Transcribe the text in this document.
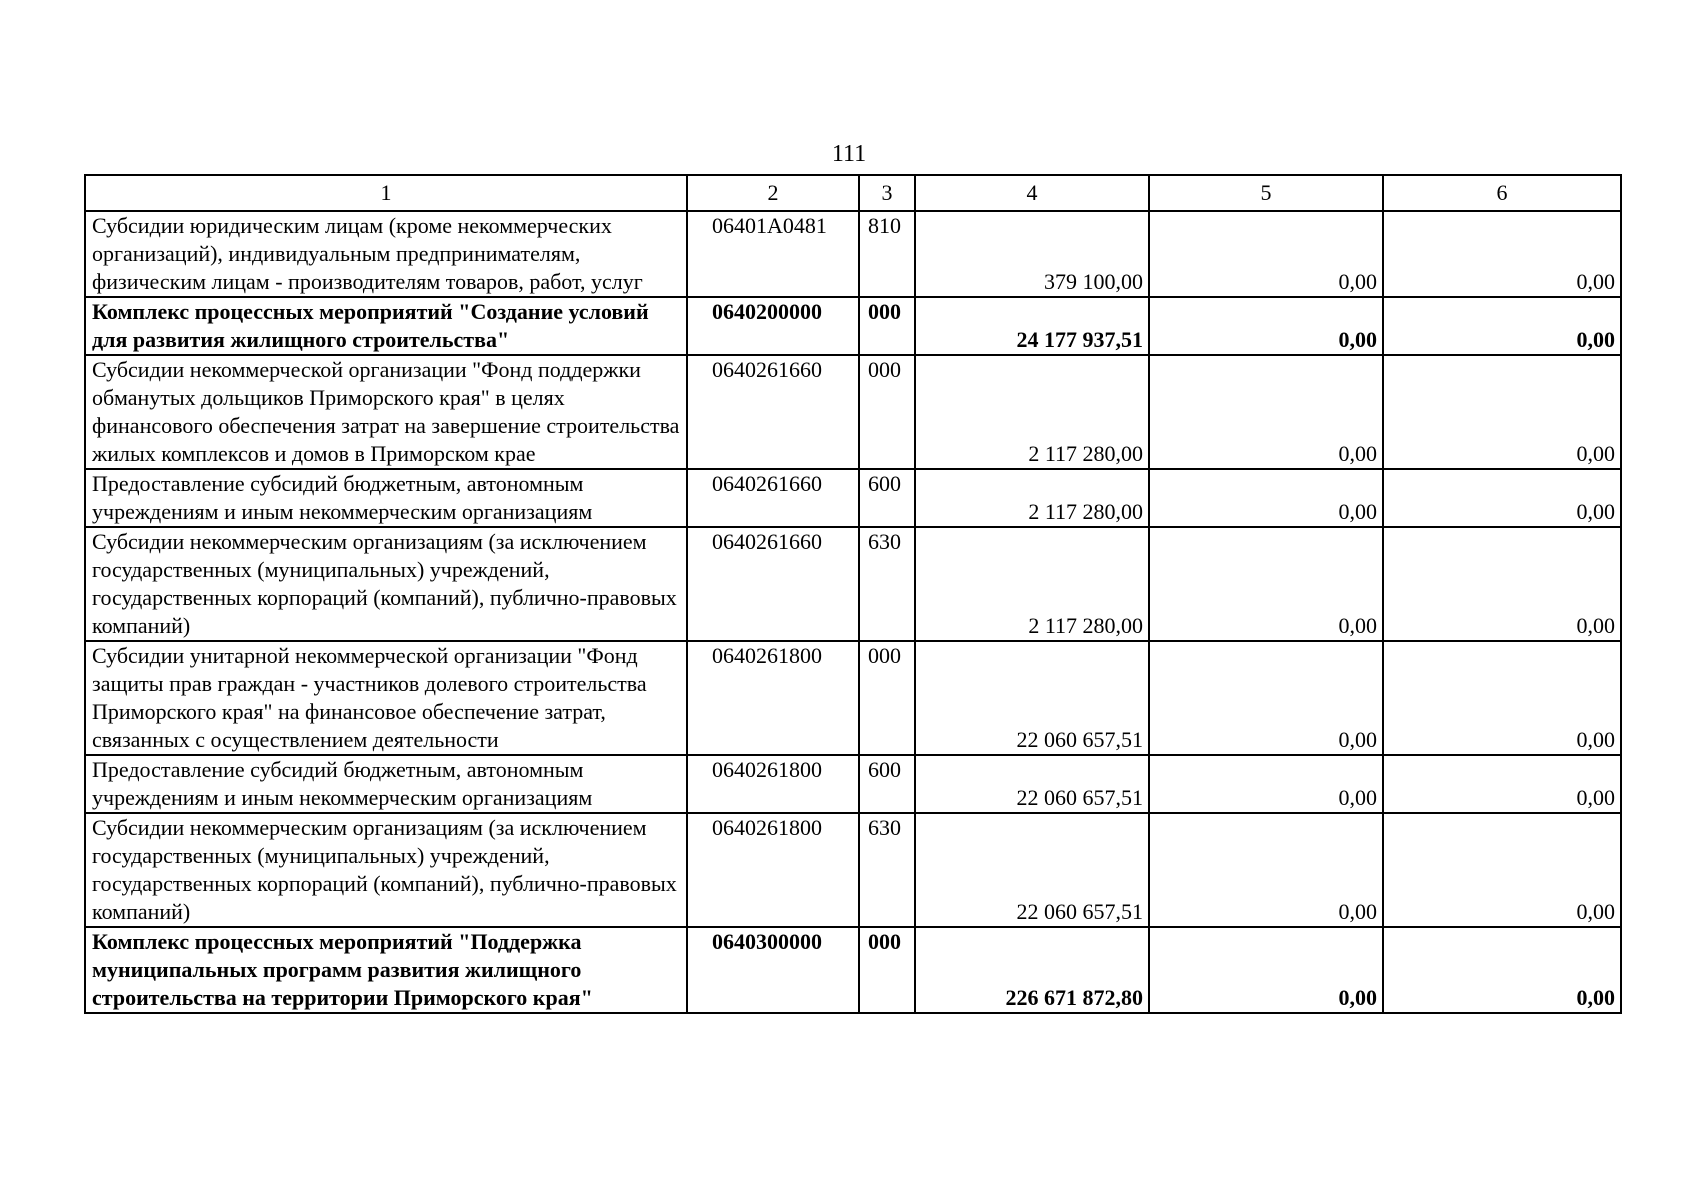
111
1	2	3	4	5	6
Субсидии юридическим лицам (кроме некоммерческих организаций), индивидуальным предпринимателям, физическим лицам - производителям товаров, работ, услуг	06401А0481	810	379 100,00	0,00	0,00
Комплекс процессных мероприятий "Создание условий для развития жилищного строительства"	0640200000	000	24 177 937,51	0,00	0,00
Субсидии некоммерческой организации "Фонд поддержки обманутых дольщиков Приморского края" в целях финансового обеспечения затрат на завершение строительства жилых комплексов и домов в Приморском крае	0640261660	000	2 117 280,00	0,00	0,00
Предоставление субсидий бюджетным, автономным учреждениям и иным некоммерческим организациям	0640261660	600	2 117 280,00	0,00	0,00
Субсидии некоммерческим организациям (за исключением государственных (муниципальных) учреждений, государственных корпораций (компаний), публично-правовых компаний)	0640261660	630	2 117 280,00	0,00	0,00
Субсидии унитарной некоммерческой организации "Фонд защиты прав граждан - участников долевого строительства Приморского края" на финансовое обеспечение затрат, связанных с осуществлением деятельности	0640261800	000	22 060 657,51	0,00	0,00
Предоставление субсидий бюджетным, автономным учреждениям и иным некоммерческим организациям	0640261800	600	22 060 657,51	0,00	0,00
Субсидии некоммерческим организациям (за исключением государственных (муниципальных) учреждений, государственных корпораций (компаний), публично-правовых компаний)	0640261800	630	22 060 657,51	0,00	0,00
Комплекс процессных мероприятий "Поддержка муниципальных программ развития жилищного строительства на территории Приморского края"	0640300000	000	226 671 872,80	0,00	0,00
